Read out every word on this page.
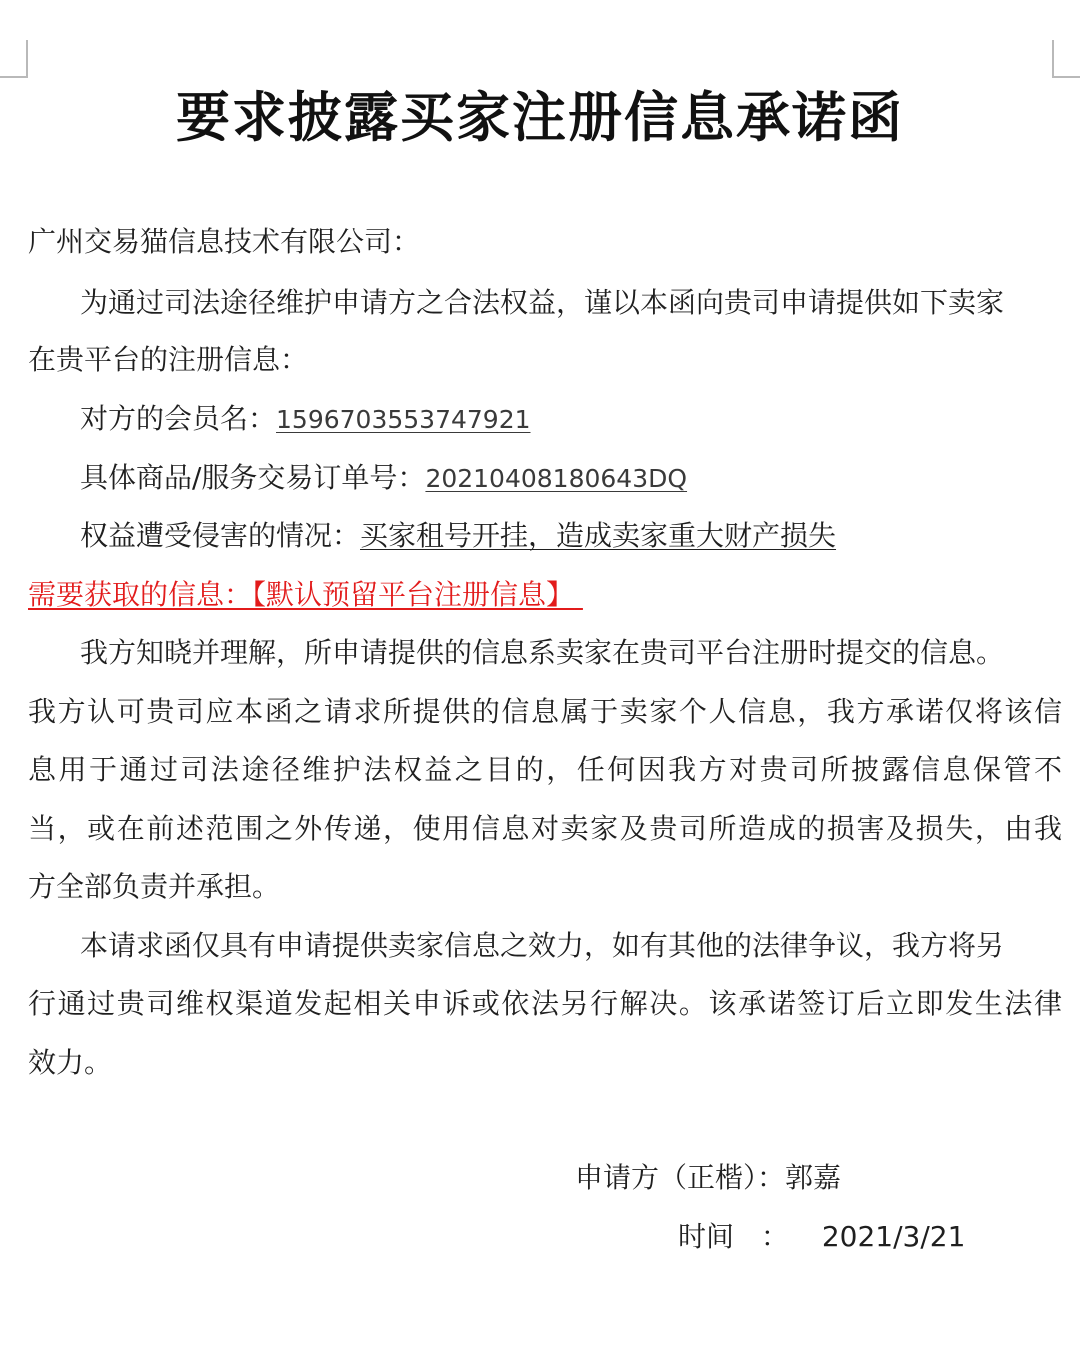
要求披露买家注册信息承诺函
广州交易猫信息技术有限公司：
为通过司法途径维护申请方之合法权益，谨以本函向贵司申请提供如下卖家
在贵平台的注册信息：
对方的会员名：1596703553747921
具体商品/服务交易订单号：20210408180643DQ
权益遭受侵害的情况：买家租号开挂，造成卖家重大财产损失
需要获取的信息：【默认预留平台注册信息】
我方知晓并理解，所申请提供的信息系卖家在贵司平台注册时提交的信息。
我方认可贵司应本函之请求所提供的信息属于卖家个人信息，我方承诺仅将该信
息用于通过司法途径维护法权益之目的，任何因我方对贵司所披露信息保管不
当，或在前述范围之外传递，使用信息对卖家及贵司所造成的损害及损失，由我
方全部负责并承担。
本请求函仅具有申请提供卖家信息之效力，如有其他的法律争议，我方将另
行通过贵司维权渠道发起相关申诉或依法另行解决。该承诺签订后立即发生法律
效力。
申请方（正楷）：郭嘉
时间 ： 2021/3/21
